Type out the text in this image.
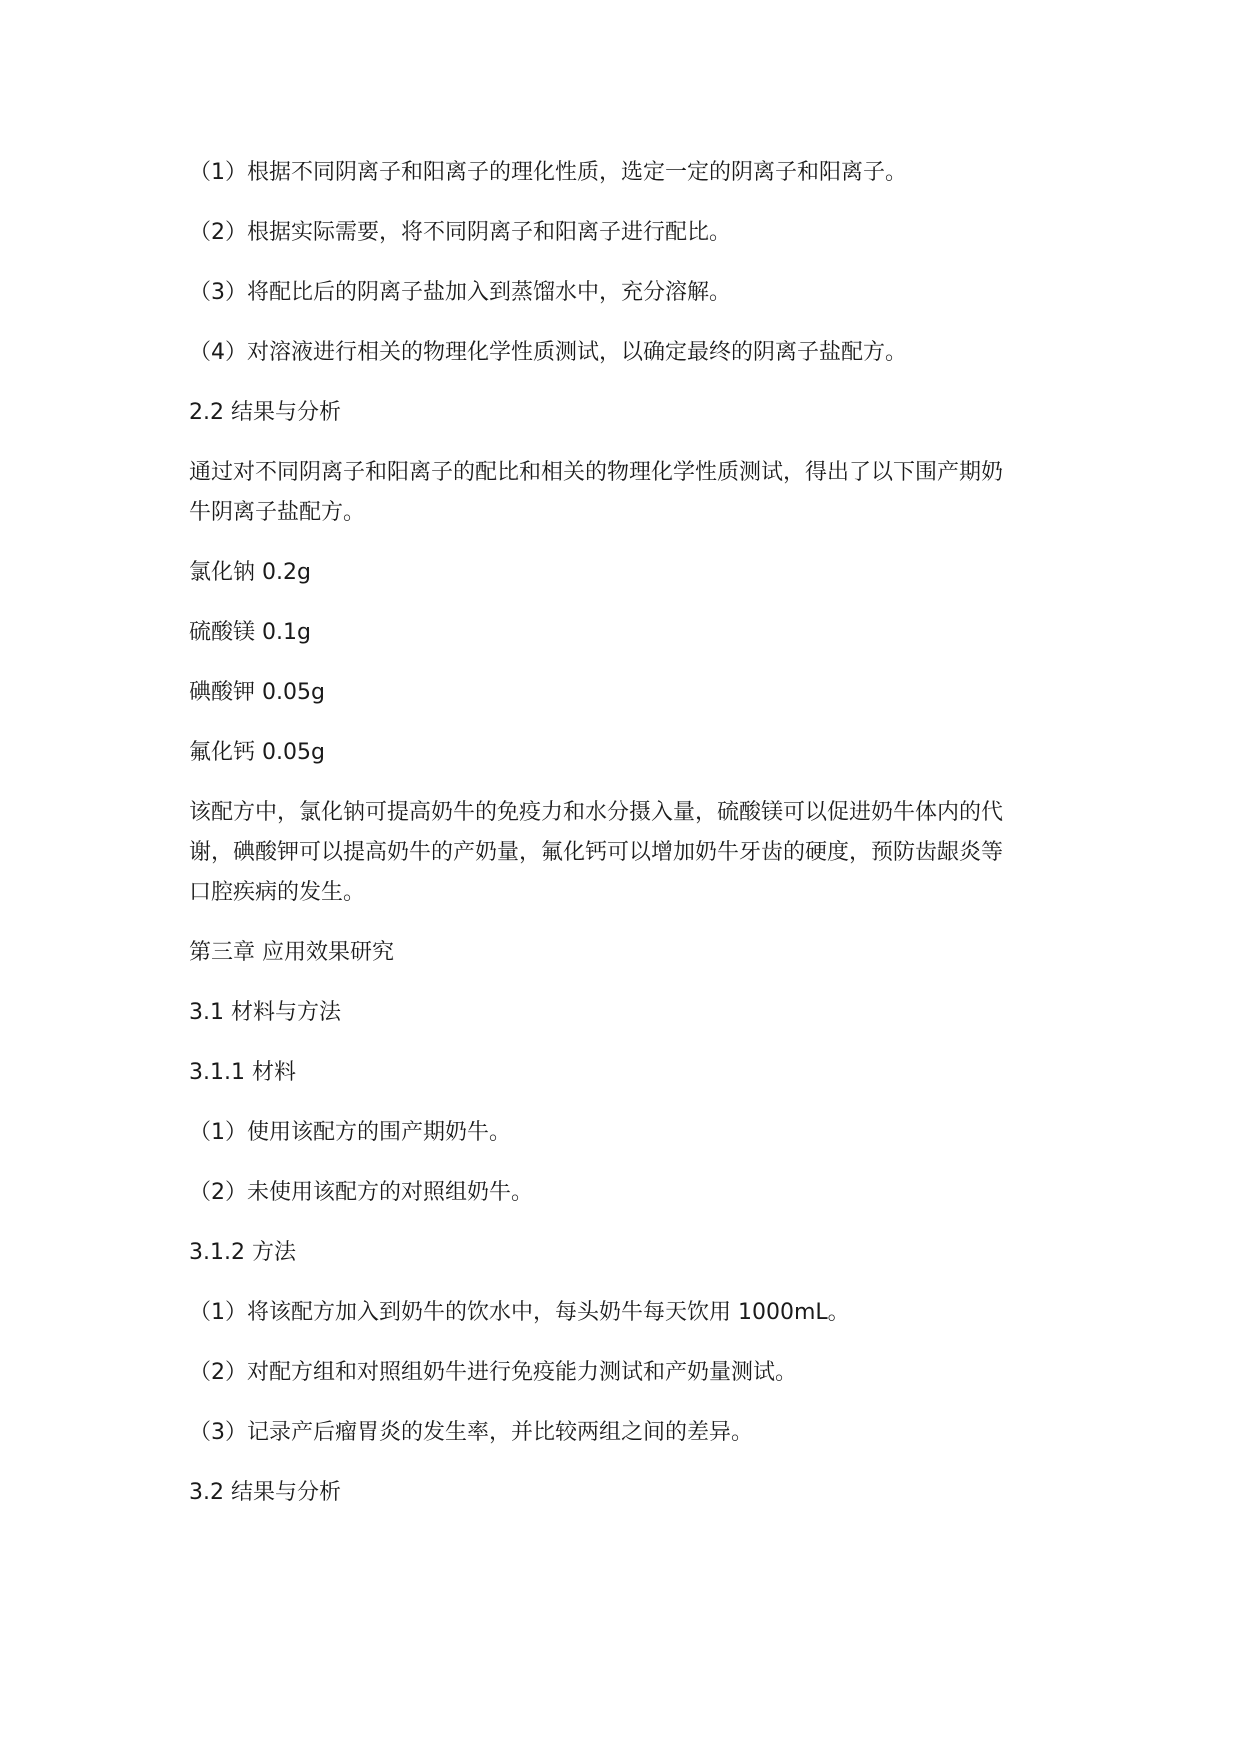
（1）根据不同阴离子和阳离子的理化性质，选定一定的阴离子和阳离子。

（2）根据实际需要，将不同阴离子和阳离子进行配比。

（3）将配比后的阴离子盐加入到蒸馏水中，充分溶解。

（4）对溶液进行相关的物理化学性质测试，以确定最终的阴离子盐配方。

2.2 结果与分析

通过对不同阴离子和阳离子的配比和相关的物理化学性质测试，得出了以下围产期奶

牛阴离子盐配方。

氯化钠 0.2g

硫酸镁 0.1g

碘酸钾 0.05g

氟化钙 0.05g

该配方中，氯化钠可提高奶牛的免疫力和水分摄入量，硫酸镁可以促进奶牛体内的代

谢，碘酸钾可以提高奶牛的产奶量，氟化钙可以增加奶牛牙齿的硬度，预防齿龈炎等

口腔疾病的发生。

第三章 应用效果研究

3.1 材料与方法

3.1.1 材料

（1）使用该配方的围产期奶牛。

（2）未使用该配方的对照组奶牛。

3.1.2 方法

（1）将该配方加入到奶牛的饮水中，每头奶牛每天饮用 1000mL。

（2）对配方组和对照组奶牛进行免疫能力测试和产奶量测试。

（3）记录产后瘤胃炎的发生率，并比较两组之间的差异。

3.2 结果与分析
